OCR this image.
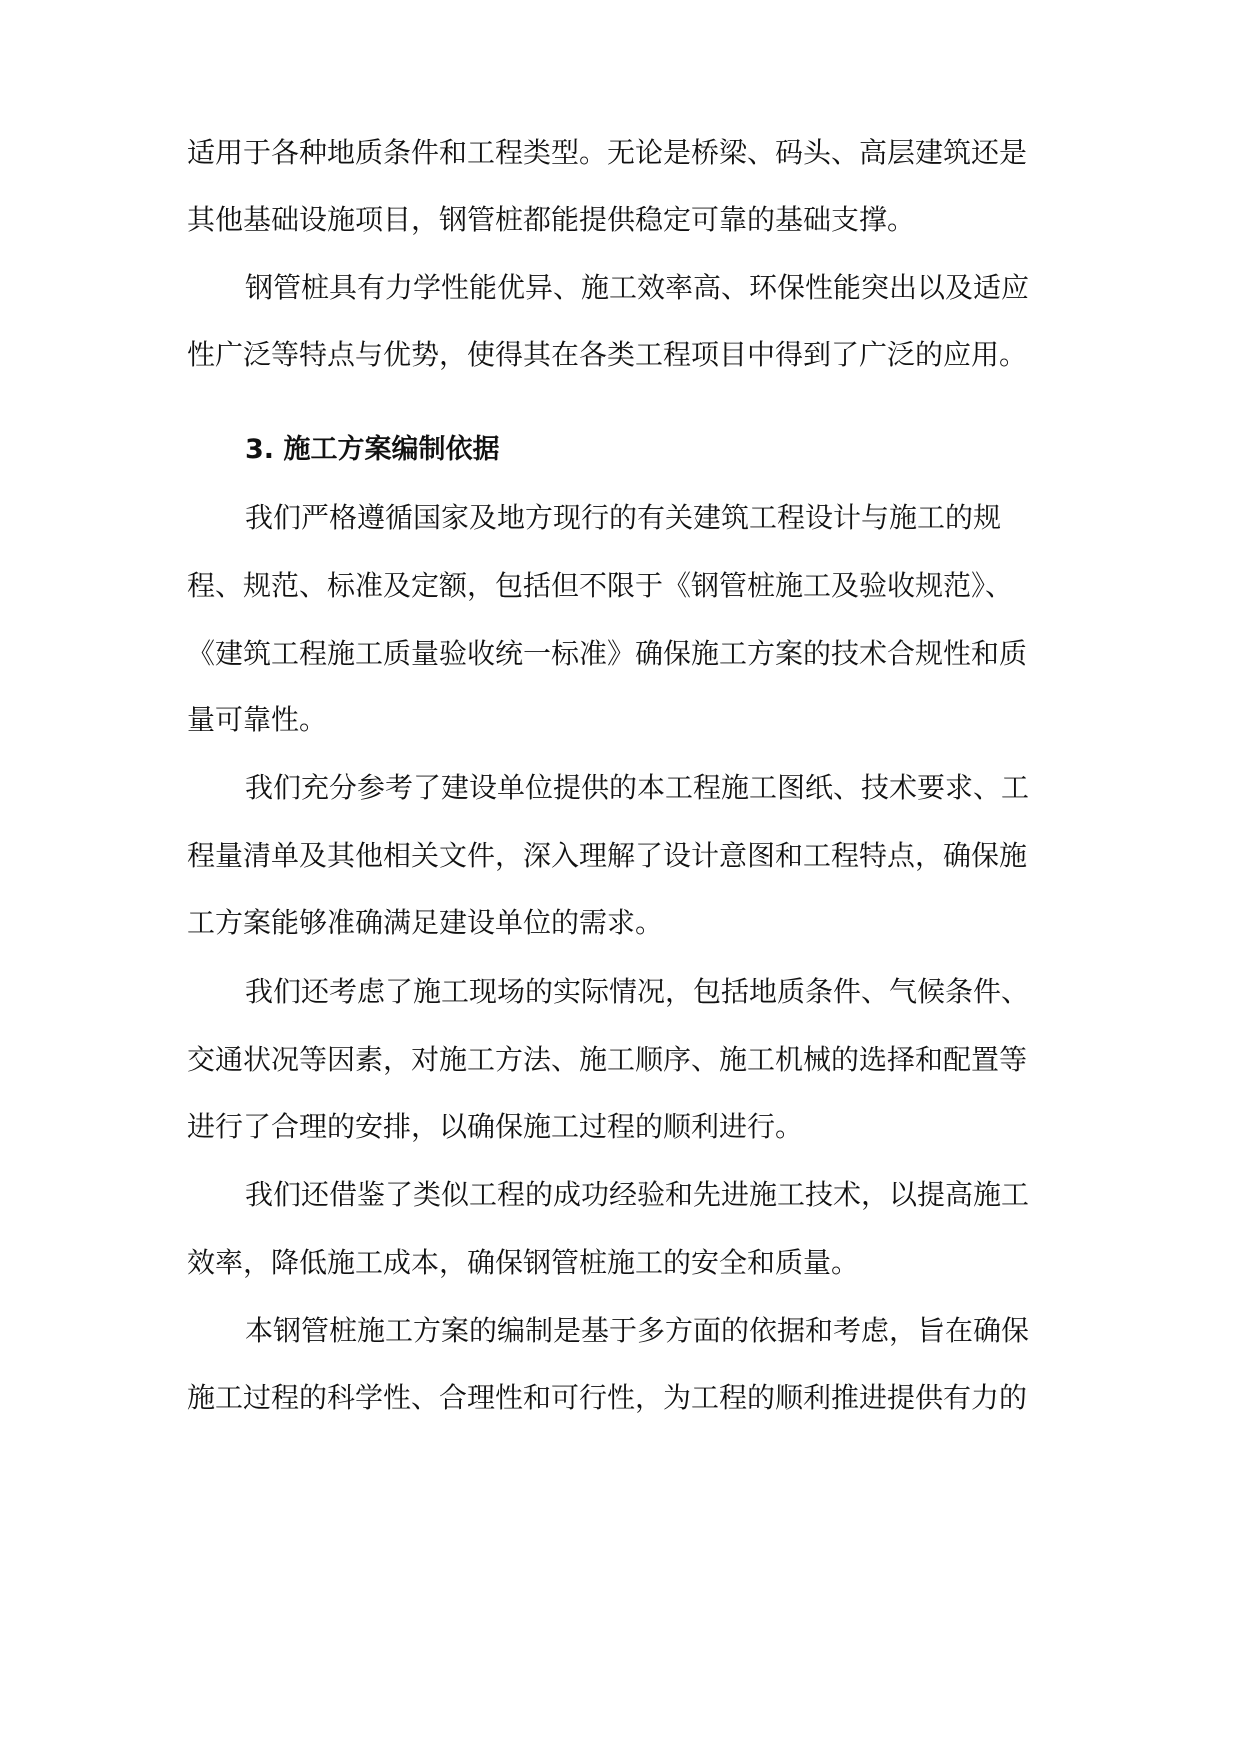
适用于各种地质条件和工程类型。无论是桥梁、码头、高层建筑还是
其他基础设施项目，钢管桩都能提供稳定可靠的基础支撑。
钢管桩具有力学性能优异、施工效率高、环保性能突出以及适应
性广泛等特点与优势，使得其在各类工程项目中得到了广泛的应用。
3. 施工方案编制依据
我们严格遵循国家及地方现行的有关建筑工程设计与施工的规
程、规范、标准及定额，包括但不限于《钢管桩施工及验收规范》、
《建筑工程施工质量验收统一标准》确保施工方案的技术合规性和质
量可靠性。
我们充分参考了建设单位提供的本工程施工图纸、技术要求、工
程量清单及其他相关文件，深入理解了设计意图和工程特点，确保施
工方案能够准确满足建设单位的需求。
我们还考虑了施工现场的实际情况，包括地质条件、气候条件、
交通状况等因素，对施工方法、施工顺序、施工机械的选择和配置等
进行了合理的安排，以确保施工过程的顺利进行。
我们还借鉴了类似工程的成功经验和先进施工技术，以提高施工
效率，降低施工成本，确保钢管桩施工的安全和质量。
本钢管桩施工方案的编制是基于多方面的依据和考虑，旨在确保
施工过程的科学性、合理性和可行性，为工程的顺利推进提供有力的
